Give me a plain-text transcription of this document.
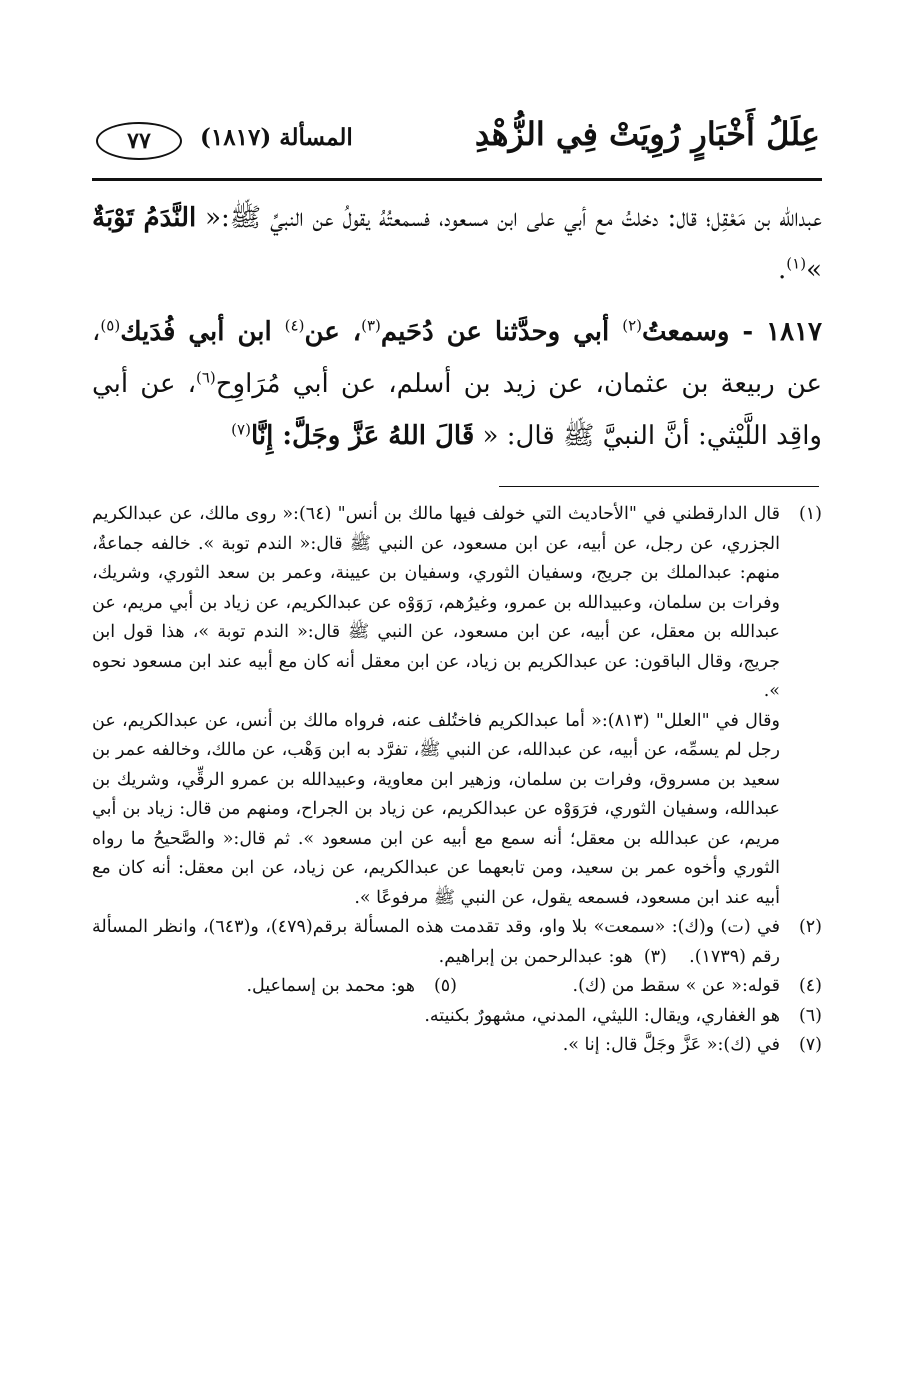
عِلَلُ أَخْبَارٍ رُوِيَتْ فِي الزُّهْدِ
المسألة (١٨١٧)
٧٧

عبدالله بن مَعْقِل؛ قال: دخلتُ مع أبي على ابن مسعود، فسمعتُهُ يقولُ عن النبيِّ ﷺ:« النَّدَمُ تَوْبَةٌ »$^{(١)}$.

١٨١٧ - وسمعتُ$^{(٢)}$ أبي وحدَّثنا عن دُحَيم$^{(٣)}$، عن$^{(٤)}$ ابن أبي فُدَيك$^{(٥)}$، عن ربيعة بن عثمان، عن زيد بن أسلم، عن أبي مُرَاوِح$^{(٦)}$، عن أبي واقِد اللَّيْثي: أنَّ النبيَّ ﷺ قال: « قَالَ اللهُ عَزَّ وجَلَّ: إِنَّا$^{(٧)}$

(١)

قال الدارقطني في "الأحاديث التي خولف فيها مالك بن أنس" (٦٤):« روى مالك، عن عبدالكريم الجزري، عن رجل، عن أبيه، عن ابن مسعود، عن النبي ﷺ قال:« الندم توبة ». خالفه جماعةٌ، منهم: عبدالملك بن جريج، وسفيان الثوري، وسفيان بن عيينة، وعمر بن سعد الثوري، وشريك، وفرات بن سلمان، وعبيدالله بن عمرو، وغيرُهم، رَوَوْه عن عبدالكريم، عن زياد بن أبي مريم، عن عبدالله بن معقل، عن أبيه، عن ابن مسعود، عن النبي ﷺ قال:« الندم توبة »، هذا قول ابن جريج، وقال الباقون: عن عبدالكريم بن زياد، عن ابن معقل أنه كان مع أبيه عند ابن مسعود نحوه ».

وقال في "العلل" (٨١٣):« أما عبدالكريم فاختُلف عنه، فرواه مالك بن أنس، عن عبدالكريم، عن رجل لم يسمِّه، عن أبيه، عن عبدالله، عن النبي ﷺ، تفرَّد به ابن وَهْب، عن مالك، وخالفه عمر بن سعيد بن مسروق، وفرات بن سلمان، وزهير ابن معاوية، وعبيدالله بن عمرو الرقِّي، وشريك بن عبدالله، وسفيان الثوري، فرَوَوْه عن عبدالكريم، عن زياد بن الجراح، ومنهم من قال: زياد بن أبي مريم، عن عبدالله بن معقل؛ أنه سمع مع أبيه عن ابن مسعود ». ثم قال:« والصَّحيحُ ما رواه الثوري وأخوه عمر بن سعيد، ومن تابعهما عن عبدالكريم، عن زياد، عن ابن معقل: أنه كان مع أبيه عند ابن مسعود، فسمعه يقول، عن النبي ﷺ مرفوعًا ».

(٢)
في (ت) و(ك): «سمعت» بلا واو، وقد تقدمت هذه المسألة برقم(٤٧٩)، و(٦٤٣)، وانظر المسألة رقم (١٧٣٩).    (٣)  هو: عبدالرحمن بن إبراهيم.
(٤)
قوله:« عن » سقط من (ك).
(٥)
هو: محمد بن إسماعيل.
(٦)
هو الغفاري، ويقال: الليثي، المدني، مشهورٌ بكنيته.
(٧)
في (ك):« عَزَّ وجَلَّ قال: إنا ».
